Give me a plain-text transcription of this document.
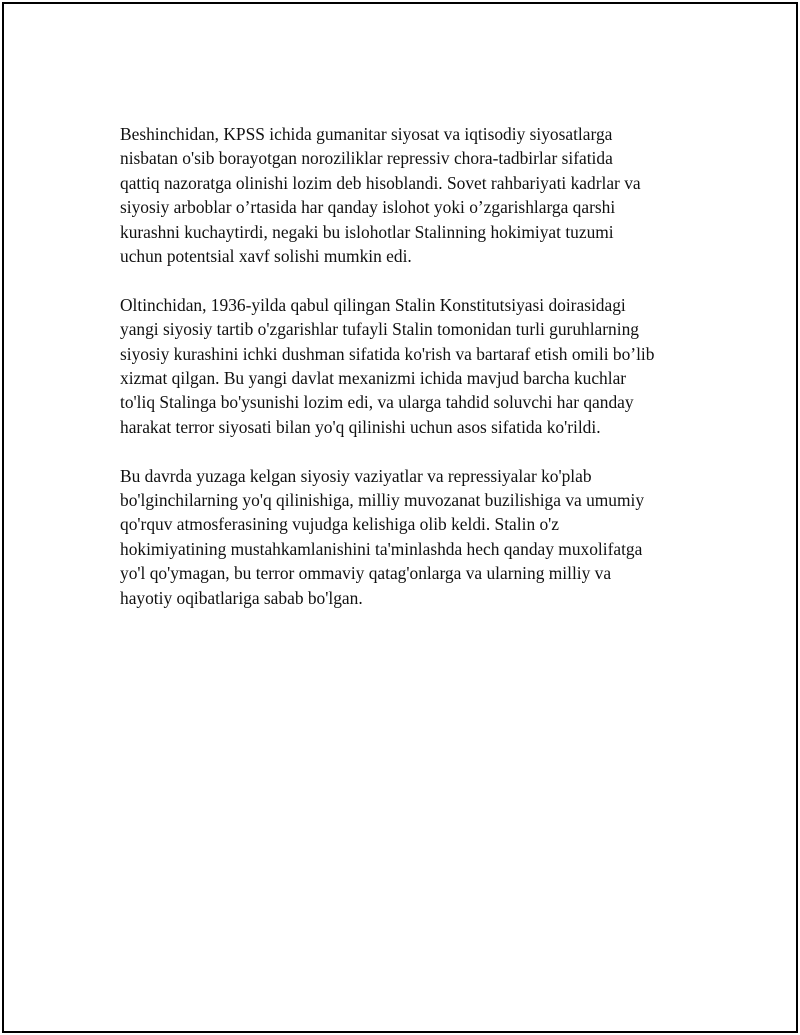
Beshinchidan, KPSS ichida gumanitar siyosat va iqtisodiy siyosatlarga
nisbatan o'sib borayotgan noroziliklar repressiv chora-tadbirlar sifatida
qattiq nazoratga olinishi lozim deb hisoblandi. Sovet rahbariyati kadrlar va
siyosiy arboblar o’rtasida har qanday islohot yoki o’zgarishlarga qarshi
kurashni kuchaytirdi, negaki bu islohotlar Stalinning hokimiyat tuzumi
uchun potentsial xavf solishi mumkin edi.

Oltinchidan, 1936-yilda qabul qilingan Stalin Konstitutsiyasi doirasidagi
yangi siyosiy tartib o'zgarishlar tufayli Stalin tomonidan turli guruhlarning
siyosiy kurashini ichki dushman sifatida ko'rish va bartaraf etish omili bo’lib
xizmat qilgan. Bu yangi davlat mexanizmi ichida mavjud barcha kuchlar
to'liq Stalinga bo'ysunishi lozim edi, va ularga tahdid soluvchi har qanday
harakat terror siyosati bilan yo'q qilinishi uchun asos sifatida ko'rildi.

Bu davrda yuzaga kelgan siyosiy vaziyatlar va repressiyalar ko'plab
bo'lginchilarning yo'q qilinishiga, milliy muvozanat buzilishiga va umumiy
qo'rquv atmosferasining vujudga kelishiga olib keldi. Stalin o'z
hokimiyatining mustahkamlanishini ta'minlashda hech qanday muxolifatga
yo'l qo'ymagan, bu terror ommaviy qatag'onlarga va ularning milliy va
hayotiy oqibatlariga sabab bo'lgan.
